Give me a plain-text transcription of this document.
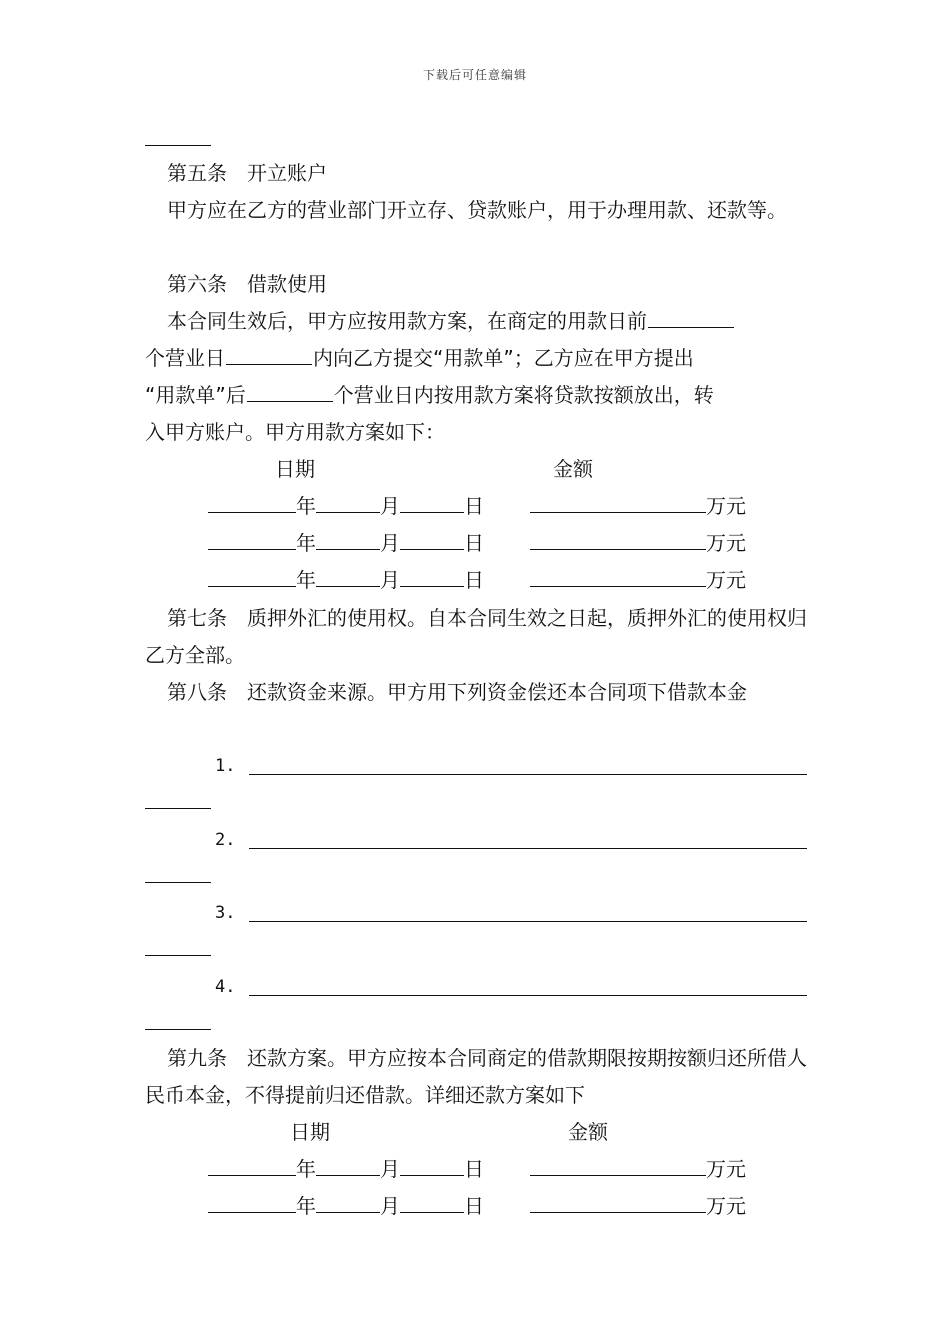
下载后可任意编辑
第五条　开立账户
甲方应在乙方的营业部门开立存、贷款账户，用于办理用款、还款等。
第六条　借款使用
本合同生效后，甲方应按用款方案，在商定的用款日前
个营业日	内向乙方提交“用款单”；乙方应在甲方提出
“用款单”后	个营业日内按用款方案将贷款按额放出，转
入甲方账户。甲方用款方案如下：
日期	金额
年	月	日	万元
年	月	日	万元
年	月	日	万元
第七条　质押外汇的使用权。自本合同生效之日起，质押外汇的使用权归乙方全部。
第八条　还款资金来源。甲方用下列资金偿还本合同项下借款本金
1.
2.
3.
4.
第九条　还款方案。甲方应按本合同商定的借款期限按期按额归还所借人民币本金，不得提前归还借款。详细还款方案如下
日期	金额
年	月	日	万元
年	月	日	万元
